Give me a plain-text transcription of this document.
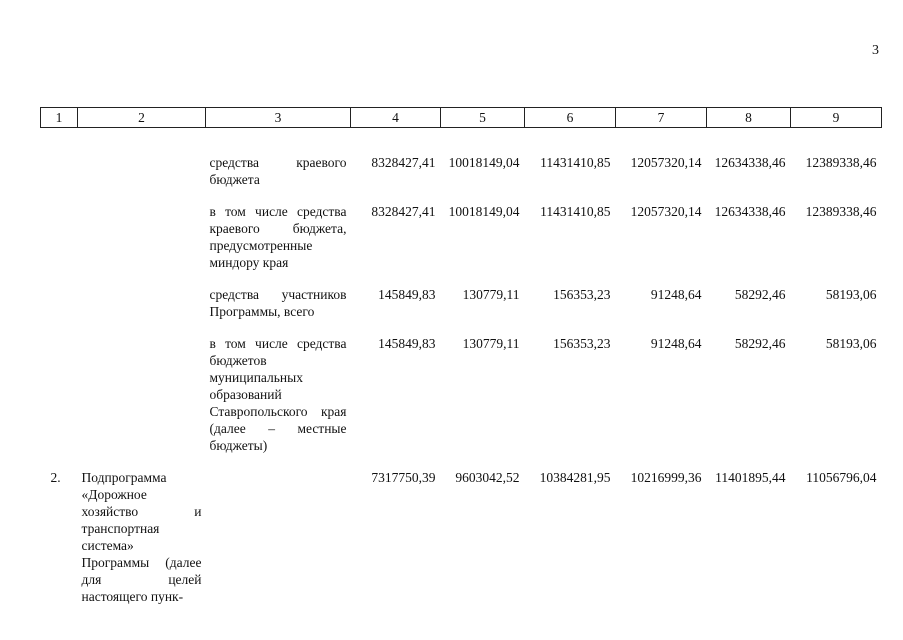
3
1	2	3	4	5	6	7	8	9

		средства краевого бюджета	8328427,41	10018149,04	11431410,85	12057320,14	12634338,46	12389338,46

		в том числе средства краевого бюджета, предусмотренные миндору края	8328427,41	10018149,04	11431410,85	12057320,14	12634338,46	12389338,46

		средства участников Программы, всего	145849,83	130779,11	156353,23	91248,64	58292,46	58193,06

		в том числе средства бюджетов муниципальных образований Ставропольского края (далее – местные бюджеты)	145849,83	130779,11	156353,23	91248,64	58292,46	58193,06

2.	Подпрограмма «Дорожное хозяйство и транспортная система» Программы (далее для целей настоящего пунк-		7317750,39	9603042,52	10384281,95	10216999,36	11401895,44	11056796,04
